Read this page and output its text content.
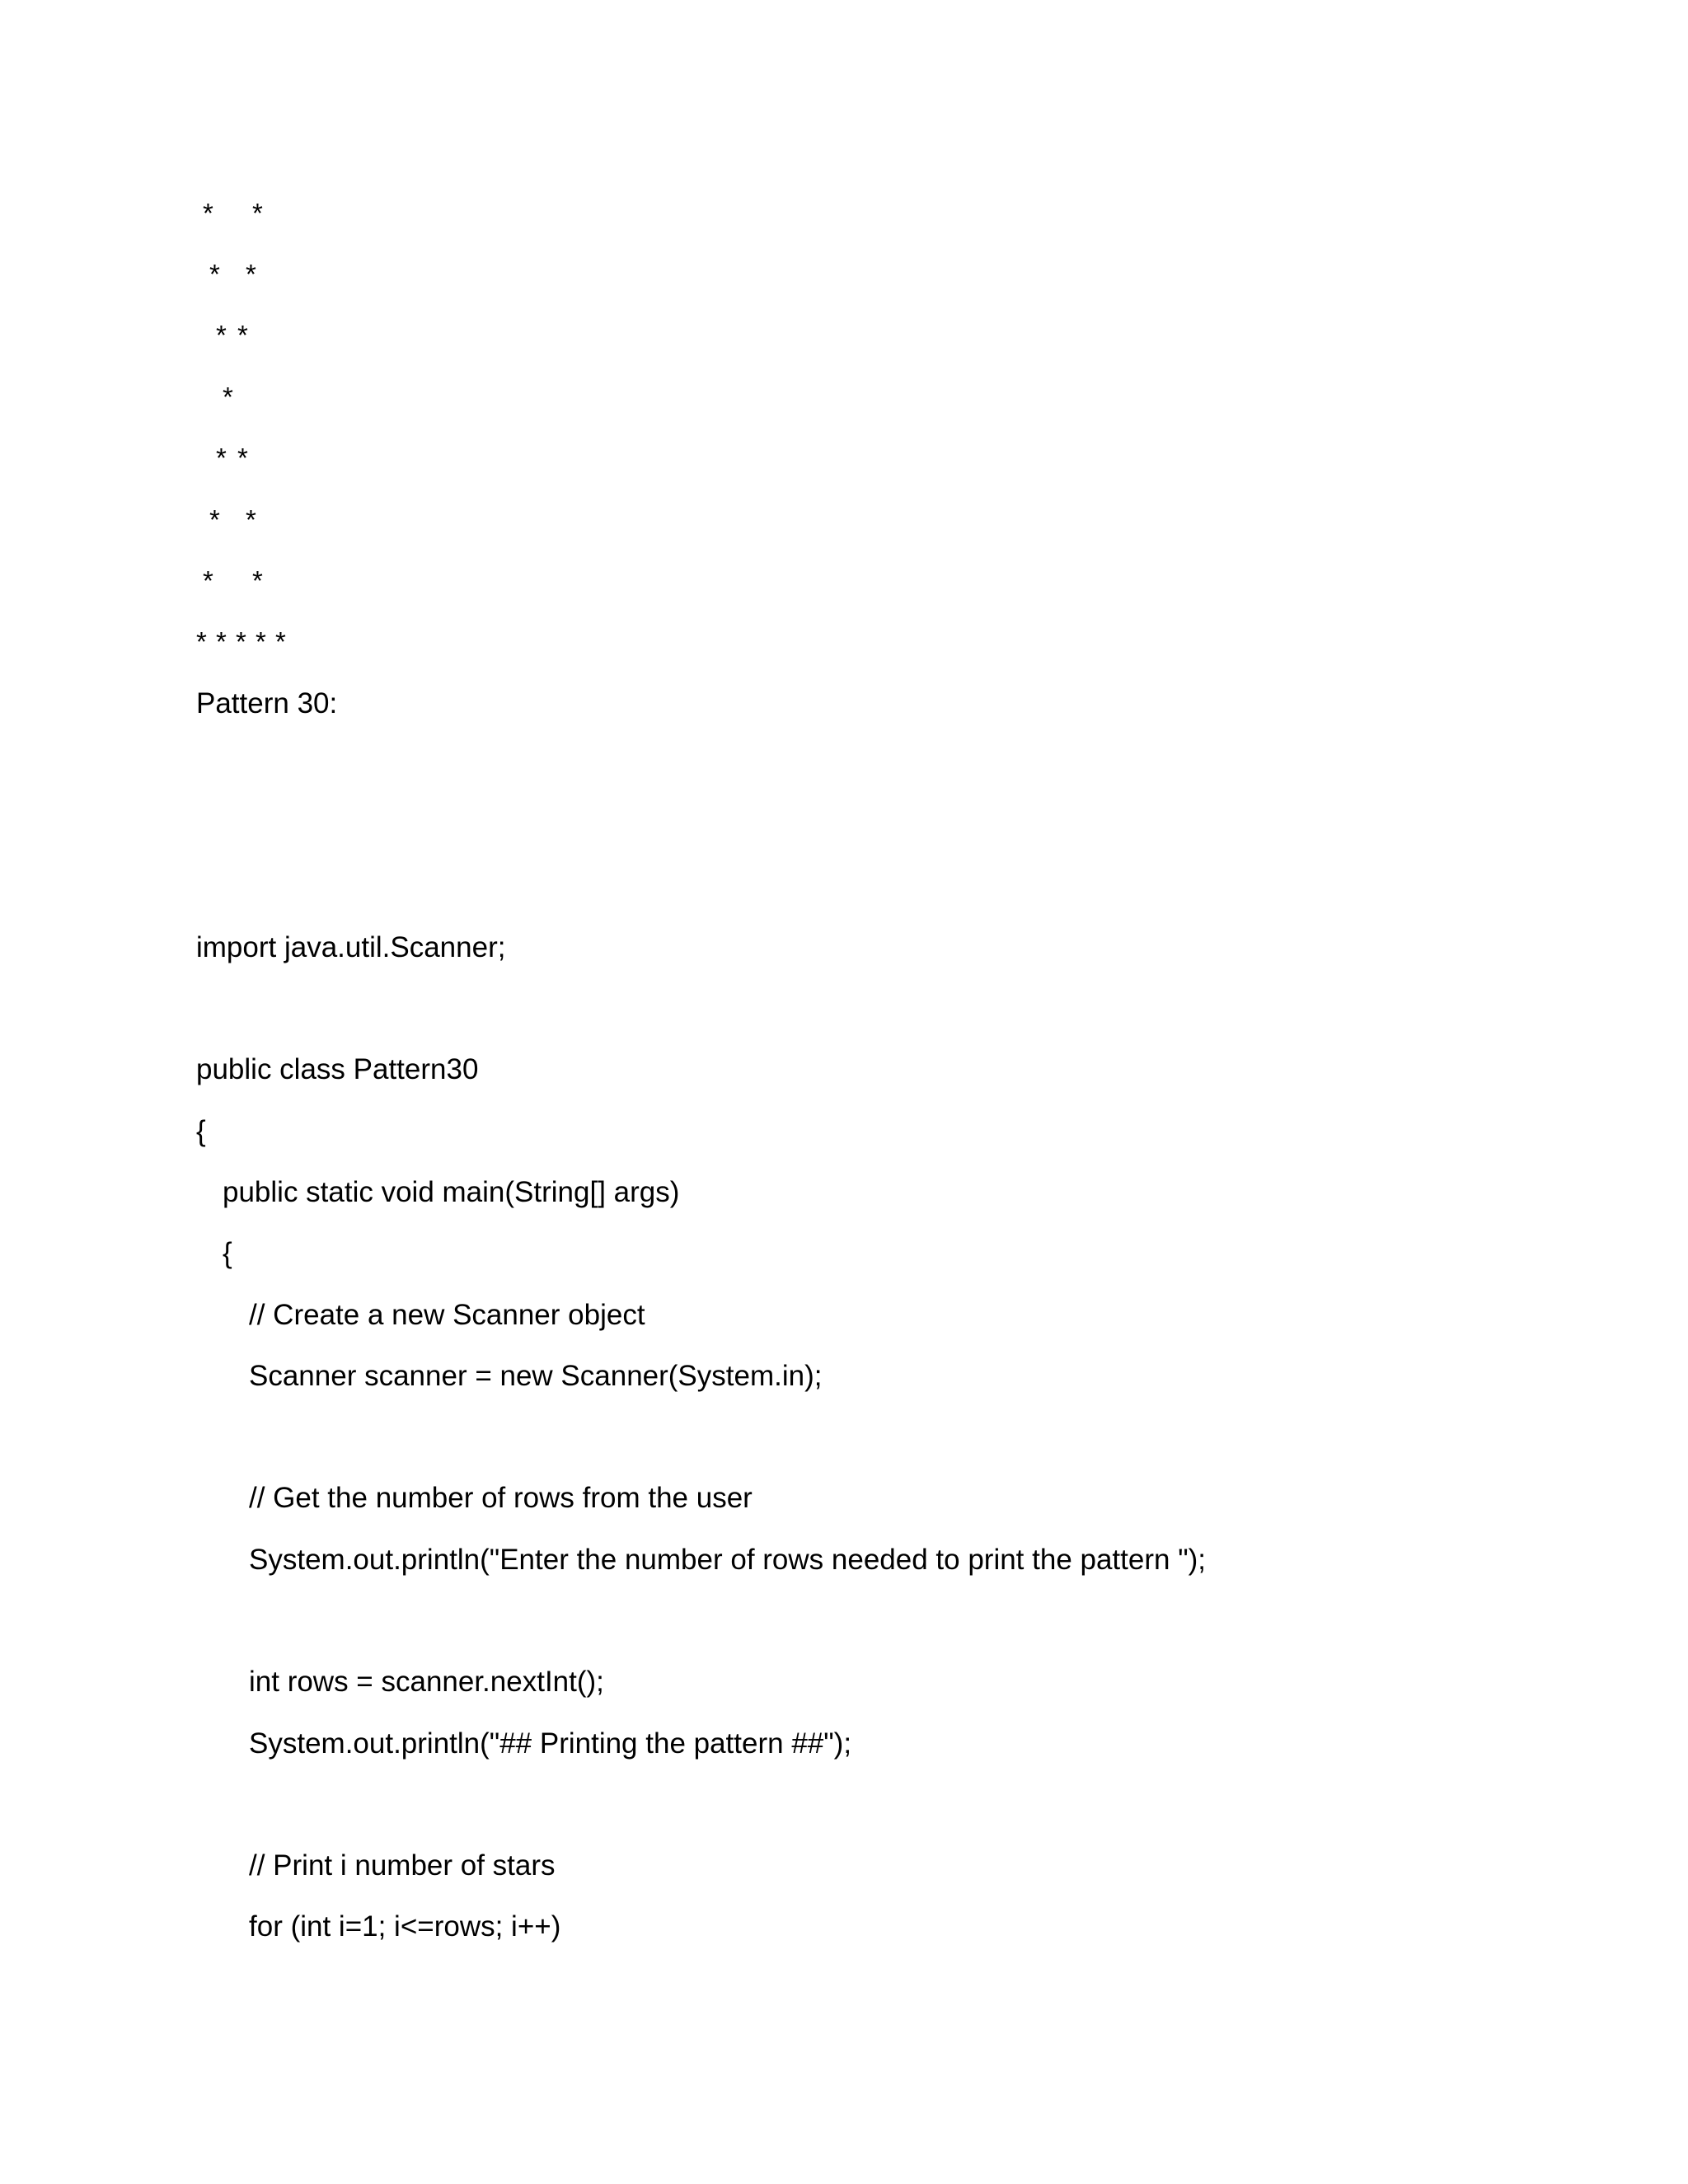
* *
* *
* *
*
* *
* *
* *
* * * * *
Pattern 30:
import java.util.Scanner;
public class Pattern30
{
public static void main(String[] args)
{
// Create a new Scanner object
Scanner scanner = new Scanner(System.in);
// Get the number of rows from the user
System.out.println("Enter the number of rows needed to print the pattern ");
int rows = scanner.nextInt();
System.out.println("## Printing the pattern ##");
// Print i number of stars
for (int i=1; i<=rows; i++)
